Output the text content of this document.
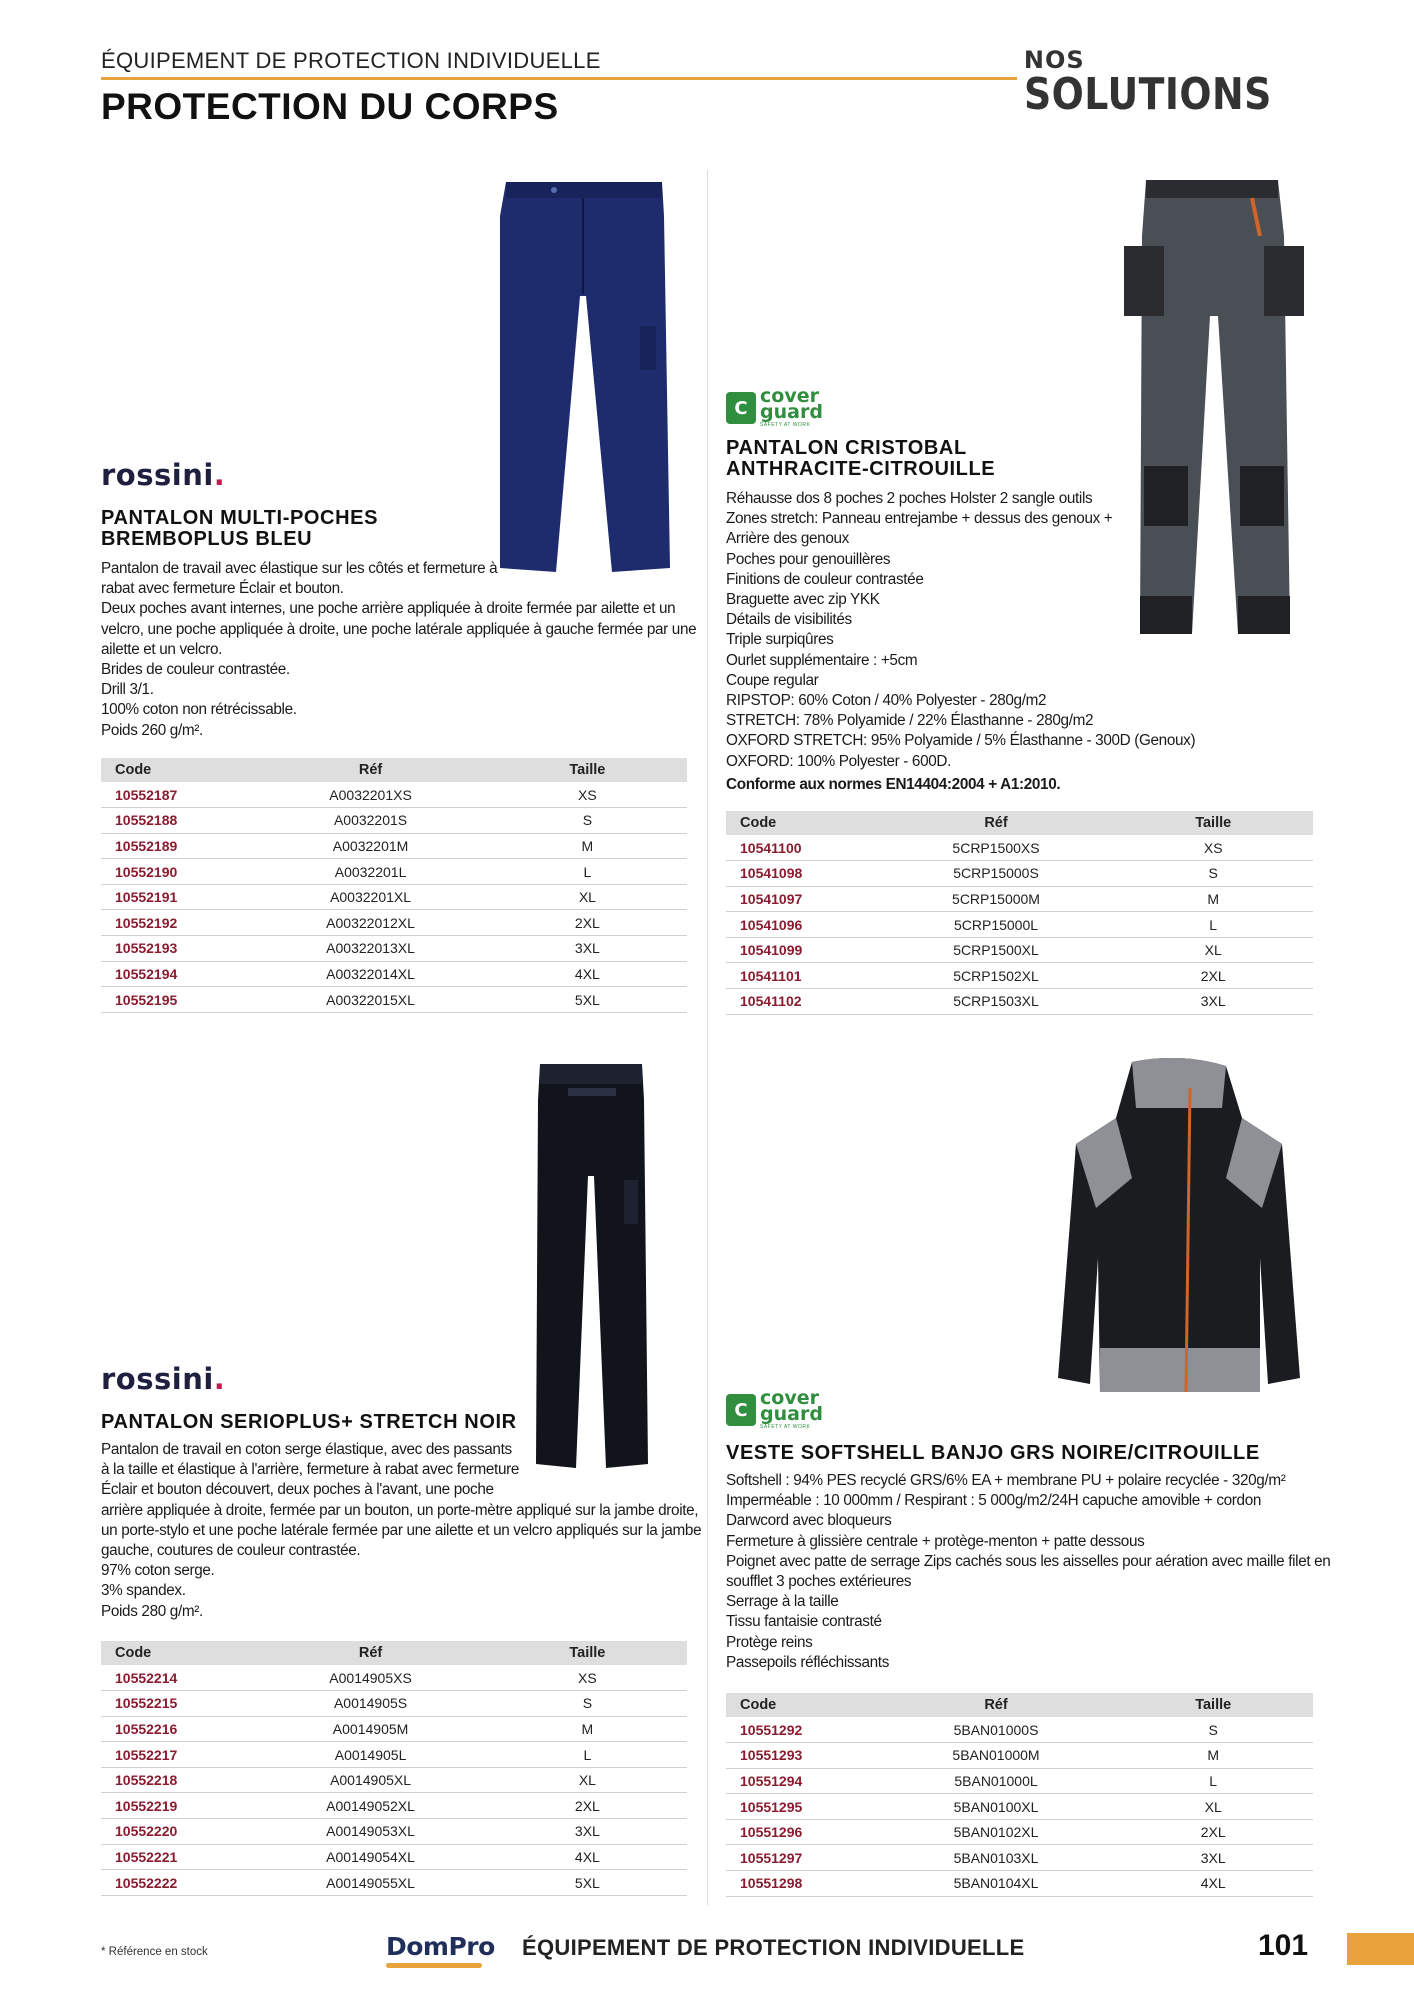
ÉQUIPEMENT DE PROTECTION INDIVIDUELLE
PROTECTION DU CORPS
NOS
SOLUTIONS
rossini.
PANTALON MULTI-POCHES
BREMBOPLUS BLEU
Pantalon de travail avec élastique sur les côtés et fermeture à
rabat avec fermeture Éclair et bouton.
Deux poches avant internes, une poche arrière appliquée à droite fermée par ailette et un
velcro, une poche appliquée à droite, une poche latérale appliquée à gauche fermée par une
ailette et un velcro.
Brides de couleur contrastée.
Drill 3/1.
100% coton non rétrécissable.
Poids 260 g/m².
Code	Réf	Taille
10552187	A0032201XS	XS
10552188	A0032201S	S
10552189	A0032201M	M
10552190	A0032201L	L
10552191	A0032201XL	XL
10552192	A00322012XL	2XL
10552193	A00322013XL	3XL
10552194	A00322014XL	4XL
10552195	A00322015XL	5XL
C
cover
guard
SAFETY AT WORK
PANTALON CRISTOBAL
ANTHRACITE-CITROUILLE
Réhausse dos 8 poches 2 poches Holster 2 sangle outils
Zones stretch: Panneau entrejambe + dessus des genoux +
Arrière des genoux
Poches pour genouillères
Finitions de couleur contrastée
Braguette avec zip YKK
Détails de visibilités
Triple surpiqûres
Ourlet supplémentaire : +5cm
Coupe regular
RIPSTOP: 60% Coton / 40% Polyester - 280g/m2
STRETCH: 78% Polyamide / 22% Élasthanne - 280g/m2
OXFORD STRETCH: 95% Polyamide / 5% Élasthanne - 300D (Genoux)
OXFORD: 100% Polyester - 600D.
Conforme aux normes EN14404:2004 + A1:2010.
Code	Réf	Taille
10541100	5CRP1500XS	XS
10541098	5CRP15000S	S
10541097	5CRP15000M	M
10541096	5CRP15000L	L
10541099	5CRP1500XL	XL
10541101	5CRP1502XL	2XL
10541102	5CRP1503XL	3XL
rossini.
PANTALON SERIOPLUS+ STRETCH NOIR
Pantalon de travail en coton serge élastique, avec des passants
à la taille et élastique à l'arrière, fermeture à rabat avec fermeture
Éclair et bouton découvert, deux poches à l'avant, une poche
arrière appliquée à droite, fermée par un bouton, un porte-mètre appliqué sur la jambe droite,
un porte-stylo et une poche latérale fermée par une ailette et un velcro appliqués sur la jambe
gauche, coutures de couleur contrastée.
97% coton serge.
3% spandex.
Poids 280 g/m².
Code	Réf	Taille
10552214	A0014905XS	XS
10552215	A0014905S	S
10552216	A0014905M	M
10552217	A0014905L	L
10552218	A0014905XL	XL
10552219	A00149052XL	2XL
10552220	A00149053XL	3XL
10552221	A00149054XL	4XL
10552222	A00149055XL	5XL
C
cover
guard
SAFETY AT WORK
VESTE SOFTSHELL BANJO GRS NOIRE/CITROUILLE
Softshell : 94% PES recyclé GRS/6% EA + membrane PU + polaire recyclée - 320g/m²
Imperméable : 10 000mm / Respirant : 5 000g/m2/24H capuche amovible + cordon
Darwcord avec bloqueurs
Fermeture à glissière centrale + protège-menton + patte dessous
Poignet avec patte de serrage Zips cachés sous les aisselles pour aération avec maille filet en
soufflet 3 poches extérieures
Serrage à la taille
Tissu fantaisie contrasté
Protège reins
Passepoils réfléchissants
Code	Réf	Taille
10551292	5BAN01000S	S
10551293	5BAN01000M	M
10551294	5BAN01000L	L
10551295	5BAN0100XL	XL
10551296	5BAN0102XL	2XL
10551297	5BAN0103XL	3XL
10551298	5BAN0104XL	4XL
* Référence en stock	DomPro ÉQUIPEMENT DE PROTECTION INDIVIDUELLE	101
